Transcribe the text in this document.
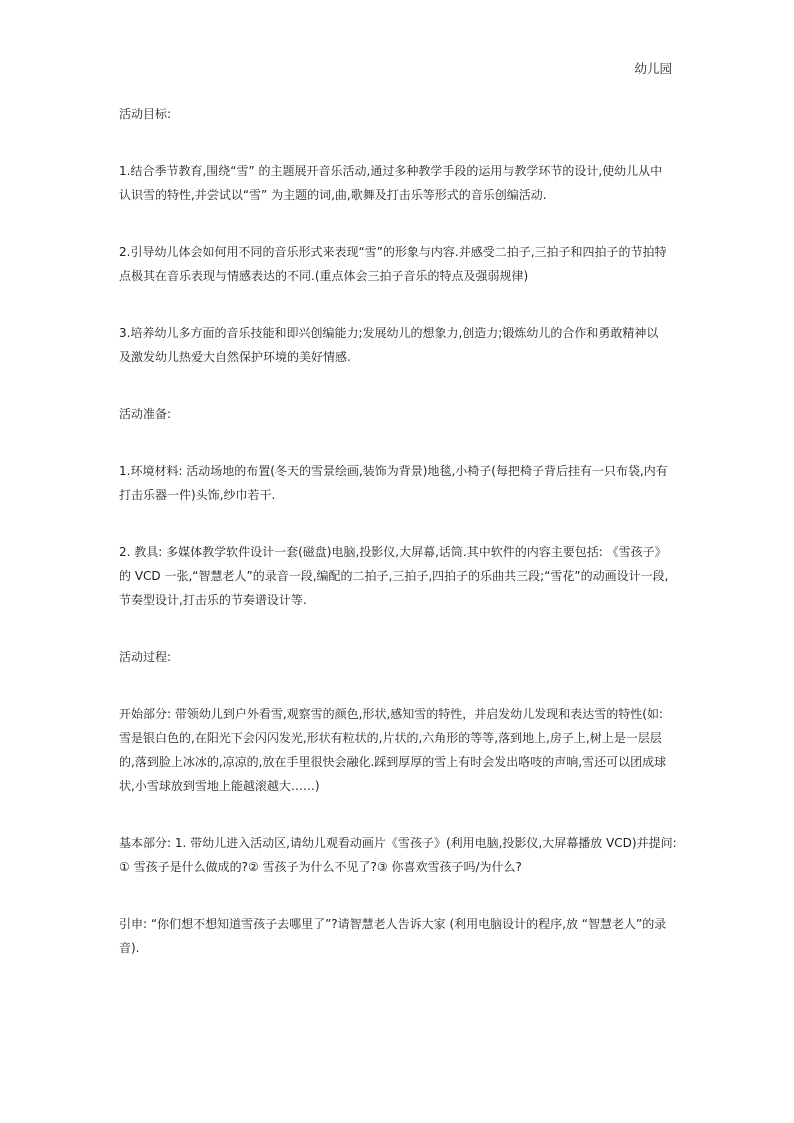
幼儿园

活动目标:

1.结合季节教育,围绕“雪” 的主题展开音乐活动,通过多种教学手段的运用与教学环节的设计,使幼儿从中
认识雪的特性,并尝试以“雪” 为主题的词,曲,歌舞及打击乐等形式的音乐创编活动.

2.引导幼儿体会如何用不同的音乐形式来表现“雪”的形象与内容.并感受二拍子,三拍子和四拍子的节拍特
点极其在音乐表现与情感表达的不同.(重点体会三拍子音乐的特点及强弱规律)

3.培养幼儿多方面的音乐技能和即兴创编能力;发展幼儿的想象力,创造力;锻炼幼儿的合作和勇敢精神以
及激发幼儿热爱大自然保护环境的美好情感.

活动准备:

1.环境材料: 活动场地的布置(冬天的雪景绘画,装饰为背景)地毯,小椅子(每把椅子背后挂有一只布袋,内有
打击乐器一件)头饰,纱巾若干.

2. 教具: 多媒体教学软件设计一套(磁盘)电脑,投影仪,大屏幕,话筒.其中软件的内容主要包括: 《雪孩子》
的 VCD 一张,“智慧老人”的录音一段,编配的二拍子,三拍子,四拍子的乐曲共三段;“雪花”的动画设计一段,
节奏型设计,打击乐的节奏谱设计等.

活动过程:

开始部分: 带领幼儿到户外看雪,观察雪的颜色,形状,感知雪的特性，并启发幼儿发现和表达雪的特性(如:
雪是银白色的,在阳光下会闪闪发光,形状有粒状的,片状的,六角形的等等,落到地上,房子上,树上是一层层
的,落到脸上冰冰的,凉凉的,放在手里很快会融化.踩到厚厚的雪上有时会发出咯吱的声响,雪还可以团成球
状,小雪球放到雪地上能越滚越大……)

基本部分: 1. 带幼儿进入活动区,请幼儿观看动画片《雪孩子》(利用电脑,投影仪,大屏幕播放 VCD)并提问:
① 雪孩子是什么做成的?② 雪孩子为什么不见了?③ 你喜欢雪孩子吗/为什么?

引申: “你们想不想知道雪孩子去哪里了”?请智慧老人告诉大家 (利用电脑设计的程序,放 “智慧老人”的录
音).
